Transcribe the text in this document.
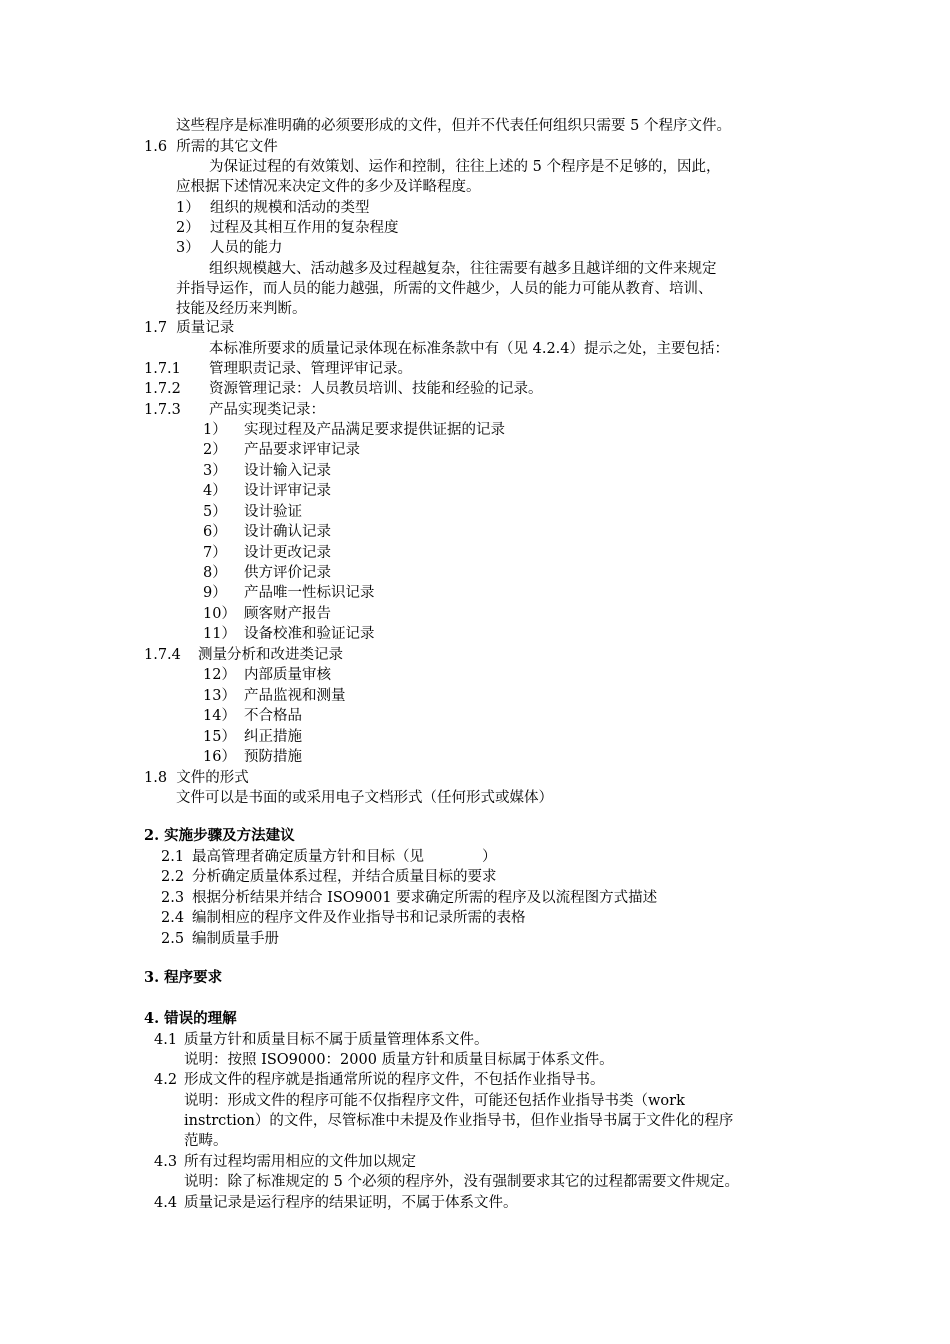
这些程序是标准明确的必须要形成的文件，但并不代表任何组织只需要 5 个程序文件。
1.6 所需的其它文件
为保证过程的有效策划、运作和控制，往往上述的 5 个程序是不足够的，因此，
应根据下述情况来决定文件的多少及详略程度。
1） 组织的规模和活动的类型
2） 过程及其相互作用的复杂程度
3） 人员的能力
组织规模越大、活动越多及过程越复杂，往往需要有越多且越详细的文件来规定
并指导运作，而人员的能力越强，所需的文件越少，人员的能力可能从教育、培训、
技能及经历来判断。
1.7 质量记录
本标准所要求的质量记录体现在标准条款中有（见 4.2.4）提示之处，主要包括：
1.7.1 管理职责记录、管理评审记录。
1.7.2 资源管理记录：人员教员培训、技能和经验的记录。
1.7.3 产品实现类记录：
1） 实现过程及产品满足要求提供证据的记录
2） 产品要求评审记录
3） 设计输入记录
4） 设计评审记录
5） 设计验证
6） 设计确认记录
7） 设计更改记录
8） 供方评价记录
9） 产品唯一性标识记录
10） 顾客财产报告
11） 设备校准和验证记录
1.7.4 测量分析和改进类记录
12） 内部质量审核
13） 产品监视和测量
14） 不合格品
15） 纠正措施
16） 预防措施
1.8 文件的形式
文件可以是书面的或采用电子文档形式（任何形式或媒体）
2. 实施步骤及方法建议
2.1 最高管理者确定质量方针和目标（见　　　　）
2.2 分析确定质量体系过程，并结合质量目标的要求
2.3 根据分析结果并结合 ISO9001 要求确定所需的程序及以流程图方式描述
2.4 编制相应的程序文件及作业指导书和记录所需的表格
2.5 编制质量手册
3. 程序要求
4. 错误的理解
4.1 质量方针和质量目标不属于质量管理体系文件。
说明：按照 ISO9000：2000 质量方针和质量目标属于体系文件。
4.2 形成文件的程序就是指通常所说的程序文件，不包括作业指导书。
说明：形成文件的程序可能不仅指程序文件，可能还包括作业指导书类（work
instrction）的文件，尽管标准中未提及作业指导书，但作业指导书属于文件化的程序
范畴。
4.3 所有过程均需用相应的文件加以规定
说明：除了标准规定的 5 个必须的程序外，没有强制要求其它的过程都需要文件规定。
4.4 质量记录是运行程序的结果证明，不属于体系文件。
